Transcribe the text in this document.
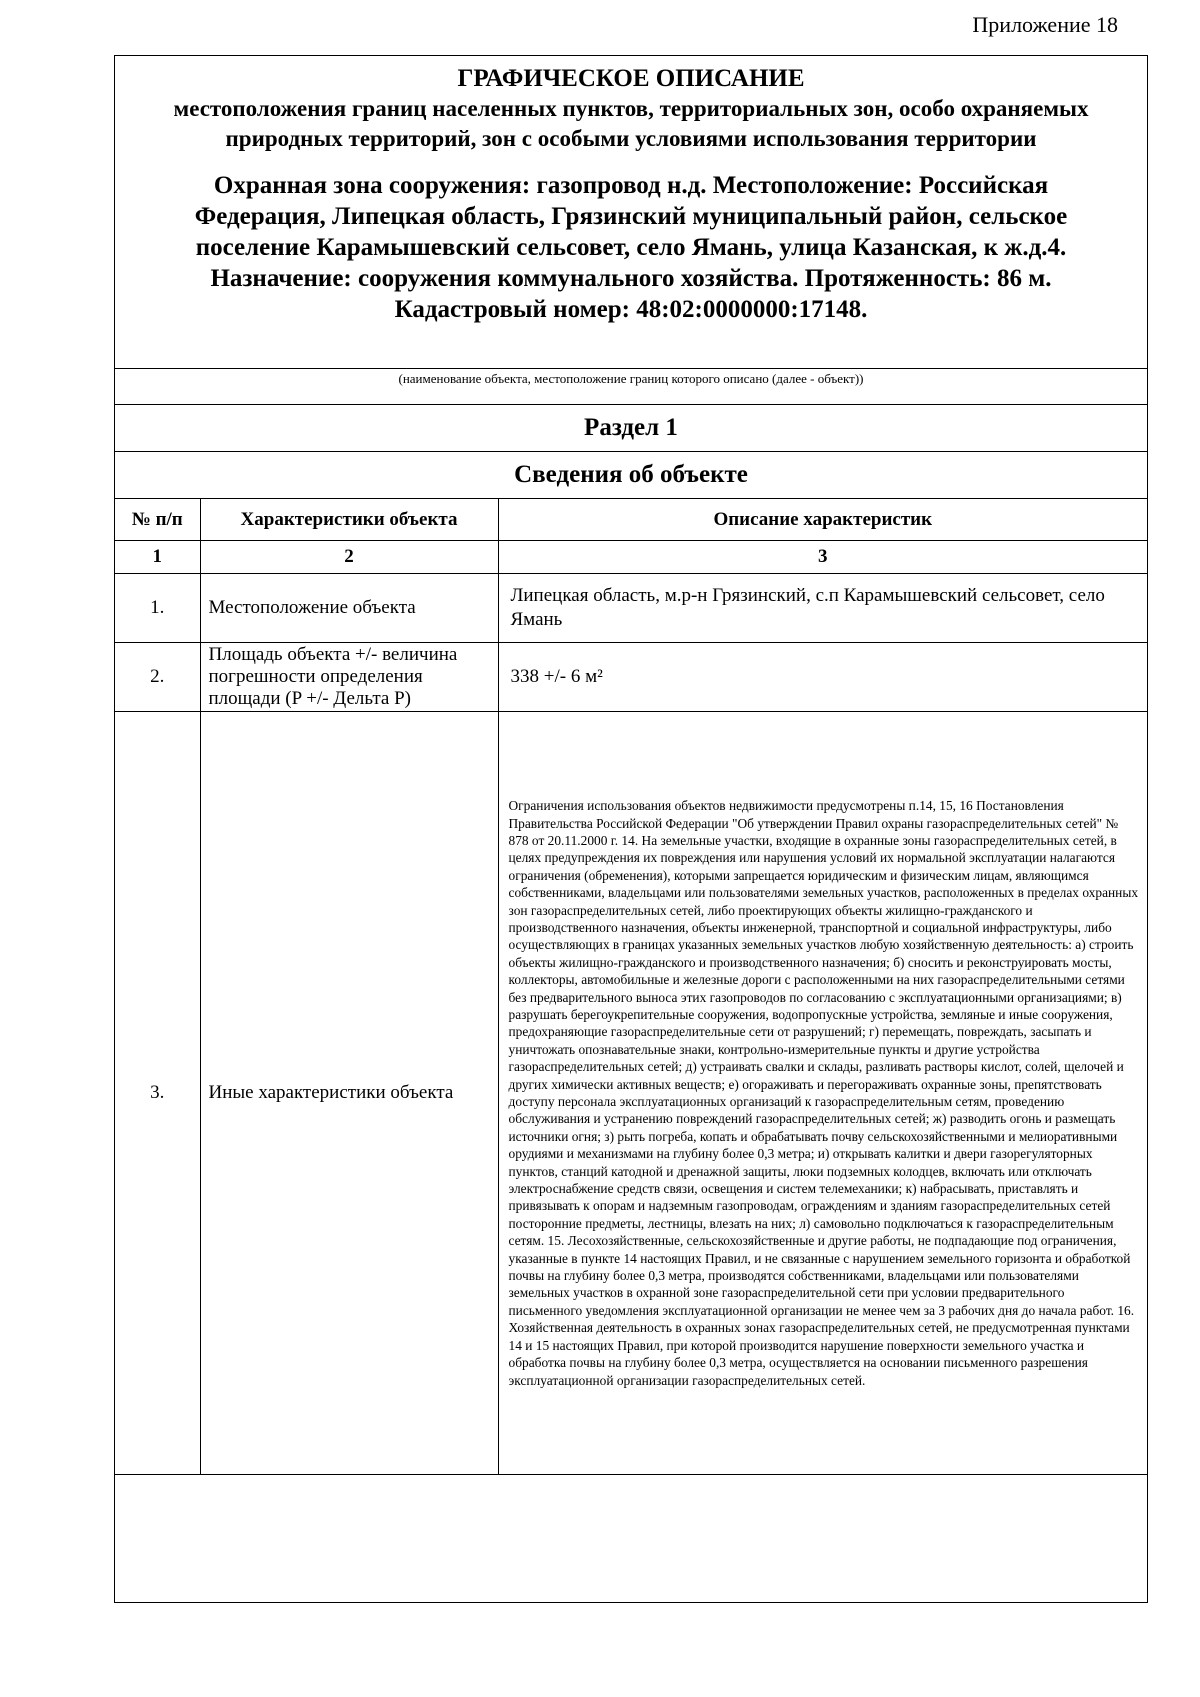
Приложение 18
ГРАФИЧЕСКОЕ ОПИСАНИЕ
местоположения границ населенных пунктов, территориальных зон, особо охраняемых природных территорий, зон с особыми условиями использования территории
Охранная зона сооружения: газопровод н.д. Местоположение: Российская Федерация, Липецкая область, Грязинский муниципальный район, сельское поселение Карамышевский сельсовет, село Ямань, улица Казанская, к ж.д.4. Назначение: сооружения коммунального хозяйства. Протяженность: 86 м. Кадастровый номер: 48:02:0000000:17148.
(наименование объекта, местоположение границ которого описано (далее - объект))
Раздел 1
Сведения об объекте
№ п/п	Характеристики объекта	Описание характеристик
1	2	3
1.	Местоположение объекта	Липецкая область, м.р-н Грязинский, с.п Карамышевский сельсовет, село Ямань
2.	Площадь объекта +/- величина погрешности определения площади (P +/- Дельта P)	338 +/- 6 м²
3.	Иные характеристики объекта	Ограничения использования объектов недвижимости предусмотрены п.14, 15, 16 Постановления Правительства Российской Федерации "Об утверждении Правил охраны газораспределительных сетей" № 878 от 20.11.2000 г. 14. На земельные участки, входящие в охранные зоны газораспределительных сетей, в целях предупреждения их повреждения или нарушения условий их нормальной эксплуатации налагаются ограничения (обременения), которыми запрещается юридическим и физическим лицам, являющимся собственниками, владельцами или пользователями земельных участков, расположенных в пределах охранных зон газораспределительных сетей, либо проектирующих объекты жилищно-гражданского и производственного назначения, объекты инженерной, транспортной и социальной инфраструктуры, либо осуществляющих в границах указанных земельных участков любую хозяйственную деятельность: а) строить объекты жилищно-гражданского и производственного назначения; б) сносить и реконструировать мосты, коллекторы, автомобильные и железные дороги с расположенными на них газораспределительными сетями без предварительного выноса этих газопроводов по согласованию с эксплуатационными организациями; в) разрушать берегоукрепительные сооружения, водопропускные устройства, земляные и иные сооружения, предохраняющие газораспределительные сети от разрушений; г) перемещать, повреждать, засыпать и уничтожать опознавательные знаки, контрольно-измерительные пункты и другие устройства газораспределительных сетей; д) устраивать свалки и склады, разливать растворы кислот, солей, щелочей и других химически активных веществ; е) огораживать и перегораживать охранные зоны, препятствовать доступу персонала эксплуатационных организаций к газораспределительным сетям, проведению обслуживания и устранению повреждений газораспределительных сетей; ж) разводить огонь и размещать источники огня; з) рыть погреба, копать и обрабатывать почву сельскохозяйственными и мелиоративными орудиями и механизмами на глубину более 0,3 метра; и) открывать калитки и двери газорегуляторных пунктов, станций катодной и дренажной защиты, люки подземных колодцев, включать или отключать электроснабжение средств связи, освещения и систем телемеханики; к) набрасывать, приставлять и привязывать к опорам и надземным газопроводам, ограждениям и зданиям газораспределительных сетей посторонние предметы, лестницы, влезать на них; л) самовольно подключаться к газораспределительным сетям. 15. Лесохозяйственные, сельскохозяйственные и другие работы, не подпадающие под ограничения, указанные в пункте 14 настоящих Правил, и не связанные с нарушением земельного горизонта и обработкой почвы на глубину более 0,3 метра, производятся собственниками, владельцами или пользователями земельных участков в охранной зоне газораспределительной сети при условии предварительного письменного уведомления эксплуатационной организации не менее чем за 3 рабочих дня до начала работ. 16. Хозяйственная деятельность в охранных зонах газораспределительных сетей, не предусмотренная пунктами 14 и 15 настоящих Правил, при которой производится нарушение поверхности земельного участка и обработка почвы на глубину более 0,3 метра, осуществляется на основании письменного разрешения эксплуатационной организации газораспределительных сетей.
